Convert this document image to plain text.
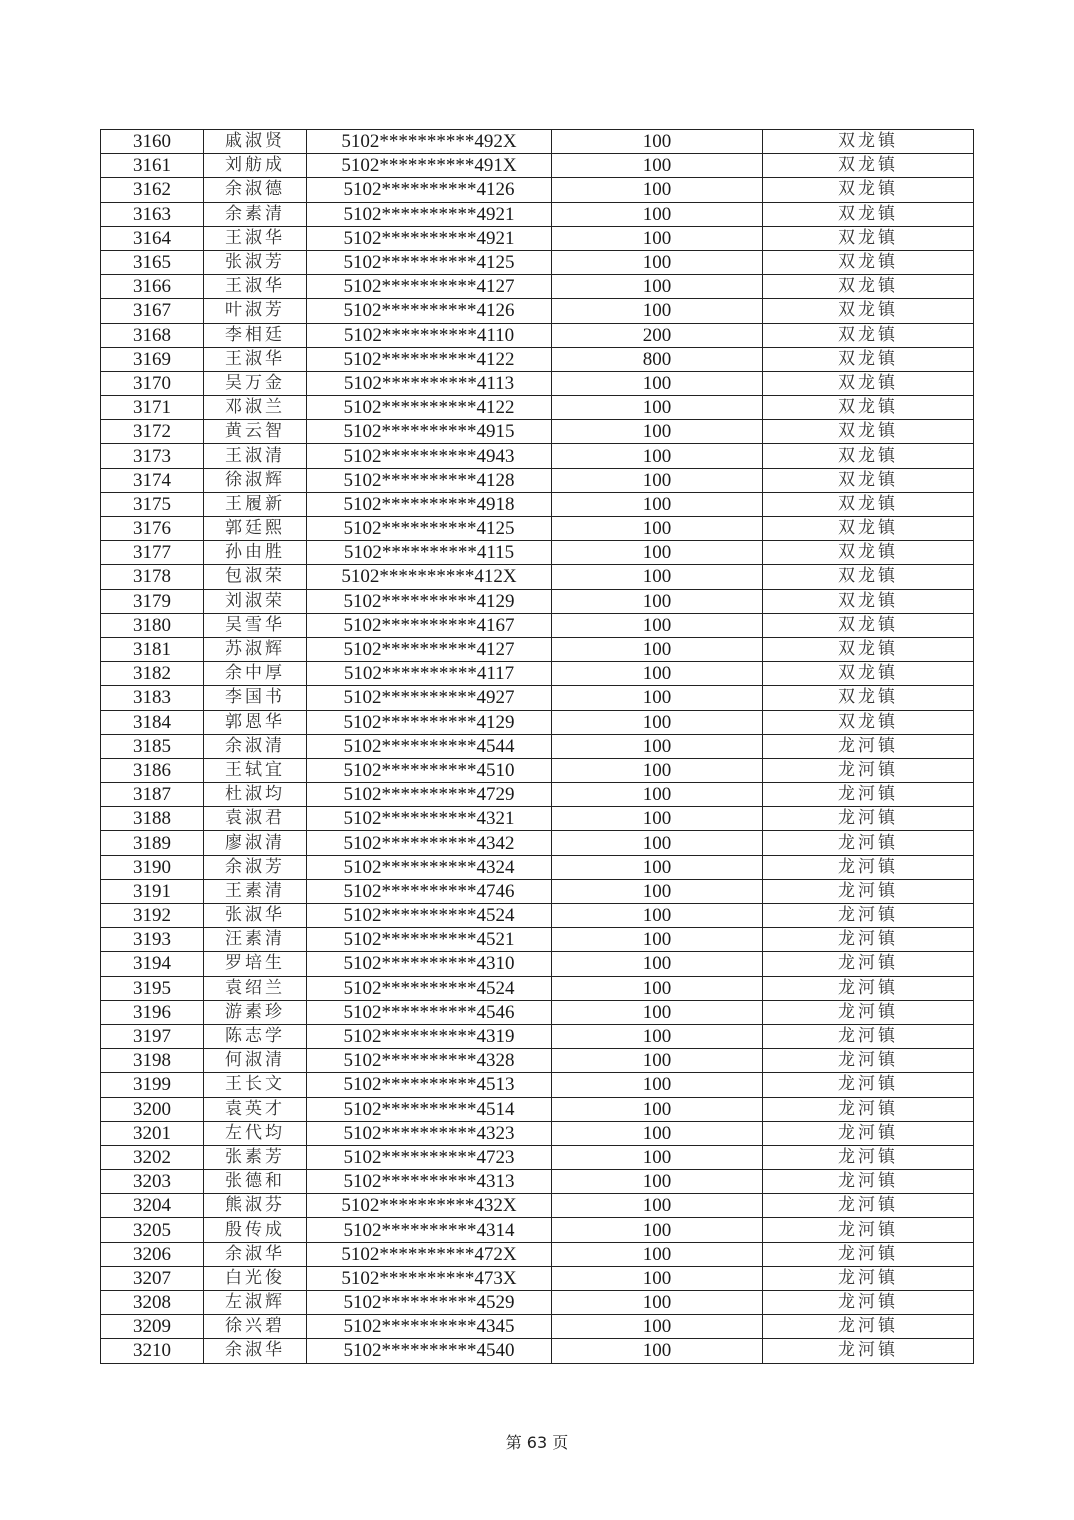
3160	戚淑贤	5102**********492X	100	双龙镇
3161	刘舫成	5102**********491X	100	双龙镇
3162	余淑德	5102**********4126	100	双龙镇
3163	余素清	5102**********4921	100	双龙镇
3164	王淑华	5102**********4921	100	双龙镇
3165	张淑芳	5102**********4125	100	双龙镇
3166	王淑华	5102**********4127	100	双龙镇
3167	叶淑芳	5102**********4126	100	双龙镇
3168	李相廷	5102**********4110	200	双龙镇
3169	王淑华	5102**********4122	800	双龙镇
3170	吴万金	5102**********4113	100	双龙镇
3171	邓淑兰	5102**********4122	100	双龙镇
3172	黄云智	5102**********4915	100	双龙镇
3173	王淑清	5102**********4943	100	双龙镇
3174	徐淑辉	5102**********4128	100	双龙镇
3175	王履新	5102**********4918	100	双龙镇
3176	郭廷熙	5102**********4125	100	双龙镇
3177	孙由胜	5102**********4115	100	双龙镇
3178	包淑荣	5102**********412X	100	双龙镇
3179	刘淑荣	5102**********4129	100	双龙镇
3180	吴雪华	5102**********4167	100	双龙镇
3181	苏淑辉	5102**********4127	100	双龙镇
3182	余中厚	5102**********4117	100	双龙镇
3183	李国书	5102**********4927	100	双龙镇
3184	郭恩华	5102**********4129	100	双龙镇
3185	余淑清	5102**********4544	100	龙河镇
3186	王轼宜	5102**********4510	100	龙河镇
3187	杜淑均	5102**********4729	100	龙河镇
3188	袁淑君	5102**********4321	100	龙河镇
3189	廖淑清	5102**********4342	100	龙河镇
3190	余淑芳	5102**********4324	100	龙河镇
3191	王素清	5102**********4746	100	龙河镇
3192	张淑华	5102**********4524	100	龙河镇
3193	汪素清	5102**********4521	100	龙河镇
3194	罗培生	5102**********4310	100	龙河镇
3195	袁绍兰	5102**********4524	100	龙河镇
3196	游素珍	5102**********4546	100	龙河镇
3197	陈志学	5102**********4319	100	龙河镇
3198	何淑清	5102**********4328	100	龙河镇
3199	王长文	5102**********4513	100	龙河镇
3200	袁英才	5102**********4514	100	龙河镇
3201	左代均	5102**********4323	100	龙河镇
3202	张素芳	5102**********4723	100	龙河镇
3203	张德和	5102**********4313	100	龙河镇
3204	熊淑芬	5102**********432X	100	龙河镇
3205	殷传成	5102**********4314	100	龙河镇
3206	余淑华	5102**********472X	100	龙河镇
3207	白光俊	5102**********473X	100	龙河镇
3208	左淑辉	5102**********4529	100	龙河镇
3209	徐兴碧	5102**********4345	100	龙河镇
3210	余淑华	5102**********4540	100	龙河镇
第 63 页
